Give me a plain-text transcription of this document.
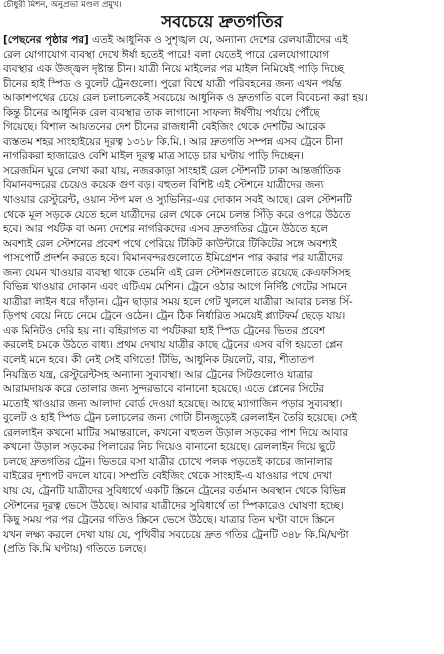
চৌধুরী মিশন, অনুপ্রভা মণ্ডল প্রমুখ।
সবচেয়ে দ্রুতগতির
[পেছনের পৃষ্ঠার পর] এতই আধুনিক ও সুশৃঙ্খল যে, অন্যান্য দেশের রেলযাত্রীদের এই
রেল যোগাযোগ ব্যবস্থা দেখে ঈর্ষা হতেই পারে! বলা যেতেই পারে রেলযোগাযোগ
ব্যবস্থার এক উজ্জ্বল দৃষ্টান্ত চীন। যাত্রী নিয়ে মাইলের পর মাইল নিমিষেই পাড়ি দিচ্ছে
চীনের হাই স্পিড ও বুলেট ট্রেনগুলো। পুরো বিশ্বে যাত্রী পরিবহনের জন্য এখন পর্যন্ত
আকাশপথের চেয়ে রেল চলাচলকেই সবচেয়ে আধুনিক ও দ্রুতগতি বলে বিবেচনা করা হয়।
কিন্তু চীনের আধুনিক রেল ব্যবস্থার তাক লাগানো সাফল্য ঈর্ষণীয় পর্যায়ে পৌঁছে
গিয়েছে। বিশাল আয়তনের দেশ চীনের রাজধানী বেইজিং থেকে দেশটির আরেক
ব্যস্ততম শহর সাংহাইয়ের দূরত্ব ১৩১৮ কি.মি.। আর দ্রুতগতি সম্পন্ন এসব ট্রেনে চীনা
নাগরিকরা হাজারেও বেশি মাইল দূরত্ব মাত্র সাড়ে চার ঘণ্টায় পাড়ি দিচ্ছেন।
সরেজমিন ঘুরে লেখা করা যায়, নজরকাড়া সাংহাই রেল স্টেশনটি ঢাকা আন্তর্জাতিক
বিমানবন্দরের চেয়েও কয়েক গুণ বড়। বহুতল বিশিষ্ট এই স্টেশনে যাত্রীদের জন্য
খাওয়ার রেস্টুরেন্ট, ওয়ান স্টপ মল ও স্যুভিনির-এর দোকান সবই আছে। রেল স্টেশনটি
থেকে মূল সড়কে যেতে হলে যাত্রীদের রেল থেকে নেমে চলন্ত সিঁড়ি করে ওপরে উঠতে
হবে। আর পর্যটক বা অন্য দেশের নাগরিকদের এসব দ্রুতগতির ট্রেনে উঠতে হলে
অবশ্যই রেল স্টেশনের প্রবেশ পথে পেরিয়ে টিকিট কাউন্টারে টিকিটের সঙ্গে অবশ্যই
পাসপোর্ট প্রদর্শন করতে হবে। বিমানবন্দরগুলোতে ইমিগ্রেশন পার করার পর যাত্রীদের
জন্য যেমন খাওয়ার ব্যবস্থা থাকে তেমনি এই রেল স্টেশনগুলোতে রয়েছে কেএফসিসহ
বিভিন্ন খাওয়ার দোকান এবং এটিএম মেশিন। ট্রেনে ওঠার আগে নির্দিষ্ট গেটের সামনে
যাত্রীরা লাইন ধরে দাঁড়ান। ট্রেন ছাড়ার সময় হলে গেট খুললে যাত্রীরা আবার চলন্ত সিঁ-
ড়িপথ বেয়ে নিচে নেমে ট্রেনে ওঠেন। ট্রেন ঠিক নির্ধারিত সময়েই প্ল্যাটফর্ম ছেড়ে যায়।
এক মিনিটও দেরি হয় না। বহিরাগত বা পর্যটকরা হাই স্পিড ট্রেনের ভিতর প্রবেশ
করলেই চমকে উঠতে বাধ্য। প্রথম দেখায় যাত্রীর কাছে ট্রেনের এসব বগি হয়তো প্লেন
বলেই মনে হবে। কী নেই সেই বগিতে! টিভি, আধুনিক টয়লেট, বার, শীতাতপ
নিয়ন্ত্রিত যন্ত্র, রেস্টুরেন্টসহ অন্যান্য সুব্যবস্থা। আর ট্রেনের সিটগুলোও যাত্রার
আরামদায়ক করে তোলার জন্য সুন্দরভাবে বানানো হয়েছে। এতে প্লেনের সিটের
মতোই খাওয়ার জন্য আলাদা বোর্ড দেওয়া হয়েছে। আছে ম্যাগাজিন পড়ার সুব্যবস্থা।
বুলেট ও হাই স্পিড ট্রেন চলাচলের জন্য গোটা চীনজুড়েই রেললাইন তৈরি হয়েছে। সেই
রেললাইন কখনো মাটির সমান্তরালে, কখনো বহুতল উড়াল সড়কের পাশ দিয়ে আবার
কখনো উড়াল সড়কের পিলারের নিচ দিয়েও বানানো হয়েছে। রেললাইন দিয়ে ছুটে
চলছে দ্রুতগতির ট্রেন। ভিতরে বসা যাত্রীর চোখে পলক পড়তেই কাচের জানালার
বাইরের দৃশ্যপট বদলে যাবে। সম্প্রতি বেইজিং থেকে সাংহাই-এ যাওয়ার পথে দেখা
যায় যে, ট্রেনটি যাত্রীদের সুবিধার্থে একটি স্ক্রিনে ট্রেনের বর্তমান অবস্থান থেকে বিভিন্ন
স্টেশনের দূরত্ব ভেসে উঠছে। আবার যাত্রীদের সুবিধার্থে তা স্পিকারেও ঘোষণা হচ্ছে।
কিছু সময় পর পর ট্রেনের গতিও স্ক্রিনে ভেসে উঠছে। যাত্রার তিন ঘণ্টা বাদে স্ক্রিনে
যখন লক্ষ্য করলে দেখা যায় যে, পৃথিবীর সবচেয়ে দ্রুত গতির ট্রেনটি ৩৪৮ কি.মি/ঘণ্টা
(প্রতি কি.মি ঘণ্টায়) গতিতে চলছে।
